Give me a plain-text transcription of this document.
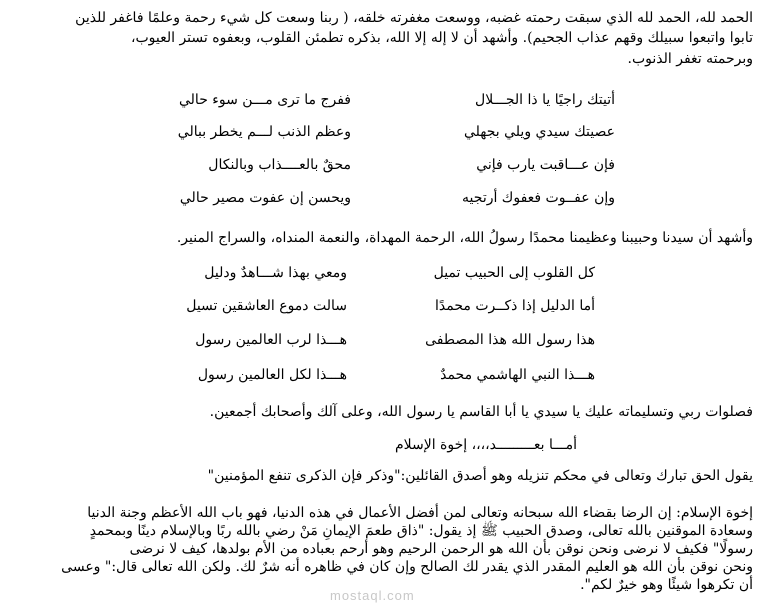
الحمد لله، الحمد لله الذي سبقت رحمته غضبه، ووسعت مغفرته خلقه، ( ربنا وسعت كل شيء رحمة وعلمًا فاغفر للذين
تابوا واتبعوا سبيلك وقهم عذاب الجحيم). وأشهد أن لا إله إلا الله، بذكره تطمئن القلوب، وبعفوه تستر العيوب،
وبرحمته تغفر الذنوب.
أتيتك راجيًا يا ذا الجـــلال
ففرج ما ترى مـــن سوء حالي
عصيتك سيدي ويلي بجهلي
وعظم الذنب لـــم يخطر ببالي
فإن عـــاقبت يارب فإني
محقٌ بالعــــذاب وبالنكال
وإن عفــوت فعفوك أرتجيه
ويحسن إن عفوت مصير حالي
وأشهد أن سيدنا وحبيبنا وعظيمنا محمدًا رسولُ الله، الرحمة المهداة، والنعمة المنداه، والسراج المنير.
كل القلوب إلى الحبيب تميل
ومعي بهذا شـــاهدٌ ودليل
أما الدليل إذا ذكــرت محمدًا
سالت دموع العاشقين تسيل
هذا رسول الله هذا المصطفى
هـــذا لرب العالمين رسول
هـــذا النبي الهاشمي محمدٌ
هـــذا لكل العالمين رسول
فصلوات ربي وتسليماته عليك يا سيدي يا أبا القاسم يا رسول الله، وعلى آلك وأصحابك أجمعين.
أمـــا بعـــــــــد،،،، إخوة الإسلام
يقول الحق تبارك وتعالى في محكم تنزيله وهو أصدق القائلين:"وذكر فإن الذكرى تنفع المؤمنين"
إخوة الإسلام: إن الرضا بقضاء الله سبحانه وتعالى لمن أفضل الأعمال في هذه الدنيا، فهو باب الله الأعظم وجنة الدنيا
وسعادة الموقنين بالله تعالى، وصدق الحبيب ﷺ إذ يقول: "ذاق طعمَ الإيمانِ مَنْ رضي بالله ربًا وبالإسلام دينًا وبمحمدٍ
رسولًا" فكيف لا نرضى ونحن نوقن بأن الله هو الرحمن الرحيم وهو أرحم بعباده من الأم بولدها، كيف لا نرضى
ونحن نوقن بأن الله هو العليم المقدر الذي يقدر لك الصالح وإن كان في ظاهره أنه شرٌ لك. ولكن الله تعالى قال:" وعسى
أن تكرهوا شيئًا وهو خيرٌ لكم".
mostaql.com
